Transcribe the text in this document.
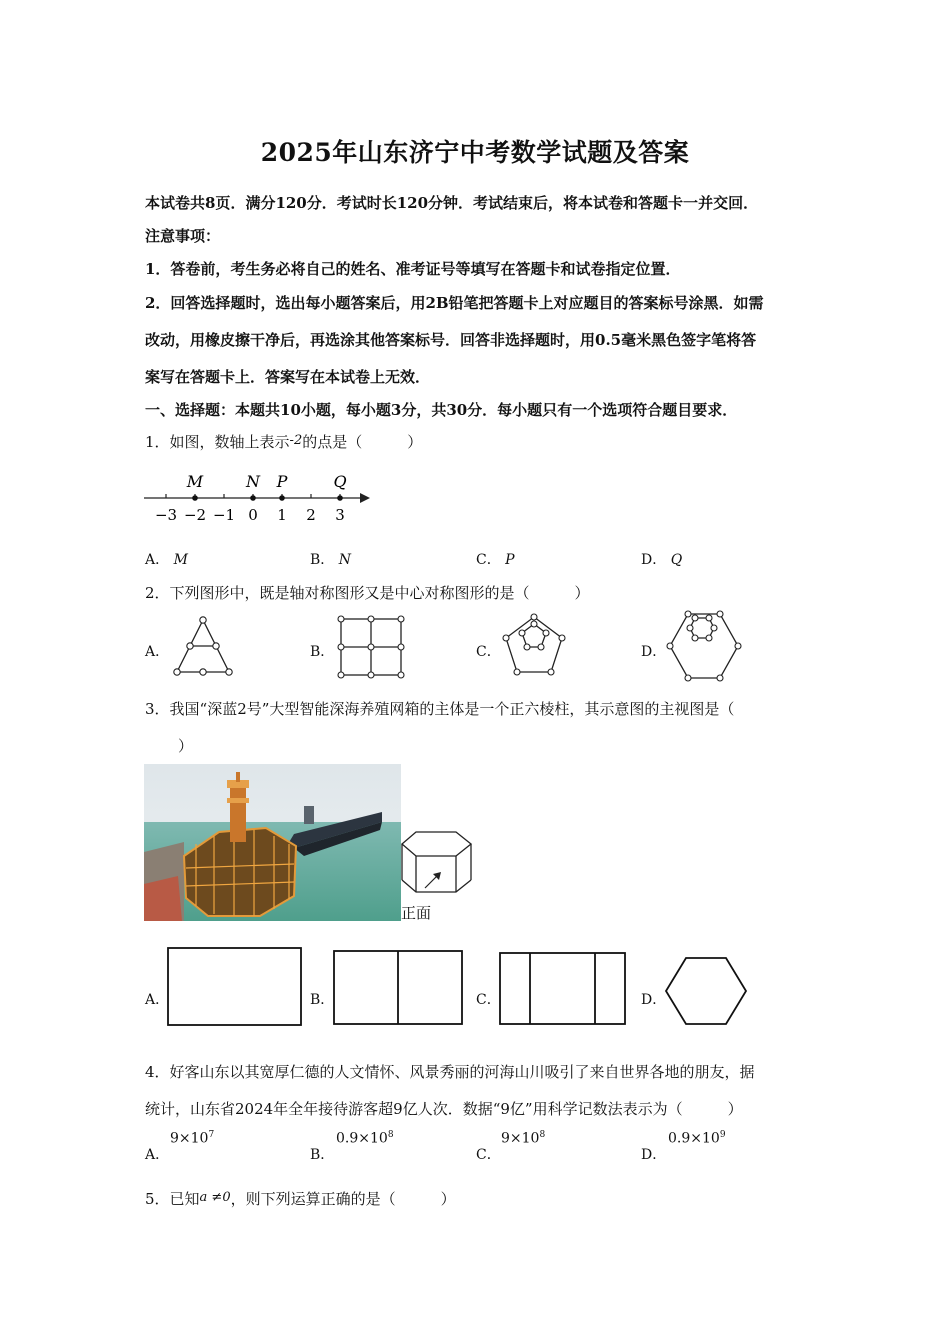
2025年山东济宁中考数学试题及答案
本试卷共8页．满分120分．考试时长120分钟．考试结束后，将本试卷和答题卡一并交回．
注意事项：
1．答卷前，考生务必将自己的姓名、准考证号等填写在答题卡和试卷指定位置．
2．回答选择题时，选出每小题答案后，用2B铅笔把答题卡上对应题目的答案标号涂黑．如需
改动，用橡皮擦干净后，再选涂其他答案标号．回答非选择题时，用0.5毫米黑色签字笔将答
案写在答题卡上．答案写在本试卷上无效．
一、选择题：本题共10小题，每小题3分，共30分．每小题只有一个选项符合题目要求．
1．如图，数轴上表示-2的点是（　　　）
−3 −2 −1 0 1 2 3
M	N P	Q
A． M	B． N	C． P	D． Q
2．下列图形中，既是轴对称图形又是中心对称图形的是（　　　）
A．	B．	C．	D．
3．我国“深蓝2号”大型智能深海养殖网箱的主体是一个正六棱柱，其示意图的主视图是（
）
正面
A．	B．	C．	D．
4．好客山东以其宽厚仁德的人文情怀、风景秀丽的河海山川吸引了来自世界各地的朋友，据
统计，山东省2024年全年接待游客超9亿人次．数据“9亿”用科学记数法表示为（　　　）
A．
$9\times 10^7$
B．
$0.9\times 10^8$
C．
$9\times 10^8$
D．
$0.9\times 10^9$
5．已知a ≠0，则下列运算正确的是（　　　）
